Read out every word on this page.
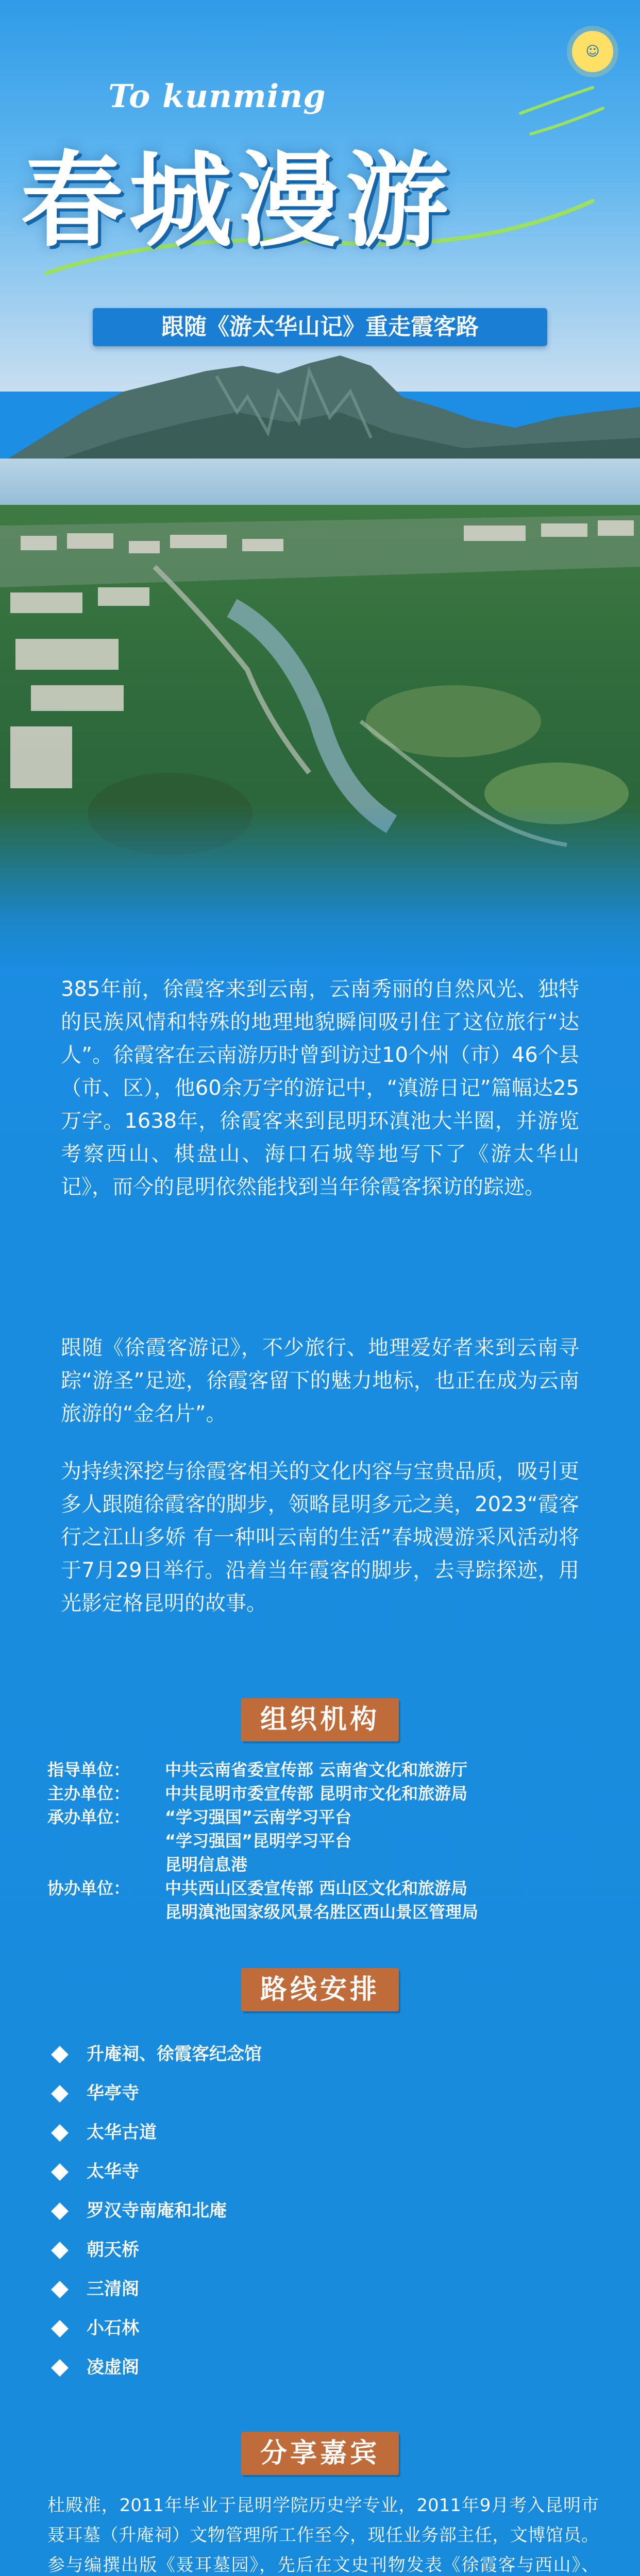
☺
To kunming
春城漫游
跟随《游太华山记》重走霞客路
385年前，徐霞客来到云南，云南秀丽的自然风光、独特的民族风情和特殊的地理地貌瞬间吸引住了这位旅行“达人”。徐霞客在云南游历时曾到访过10个州（市）46个县（市、区），他60余万字的游记中，“滇游日记”篇幅达25万字。1638年，徐霞客来到昆明环滇池大半圈，并游览考察西山、棋盘山、海口石城等地写下了《游太华山记》，而今的昆明依然能找到当年徐霞客探访的踪迹。
跟随《徐霞客游记》，不少旅行、地理爱好者来到云南寻踪“游圣”足迹，徐霞客留下的魅力地标，也正在成为云南旅游的“金名片”。
为持续深挖与徐霞客相关的文化内容与宝贵品质，吸引更多人跟随徐霞客的脚步，领略昆明多元之美，2023“霞客行之江山多娇 有一种叫云南的生活”春城漫游采风活动将于7月29日举行。沿着当年霞客的脚步，去寻踪探迹，用光影定格昆明的故事。
组织机构
指导单位： 中共云南省委宣传部 云南省文化和旅游厅
主办单位： 中共昆明市委宣传部 昆明市文化和旅游局
承办单位： “学习强国”云南学习平台
“学习强国”昆明学习平台
昆明信息港
协办单位： 中共西山区委宣传部 西山区文化和旅游局
昆明滇池国家级风景名胜区西山景区管理局
路线安排
升庵祠、徐霞客纪念馆
华亭寺
太华古道
太华寺
罗汉寺南庵和北庵
朝天桥
三清阁
小石林
凌虚阁
分享嘉宾
杜殿准，2011年毕业于昆明学院历史学专业，2011年9月考入昆明市聂耳墓（升庵祠）文物管理所工作至今，现任业务部主任，文博馆员。参与编撰出版《聂耳墓园》，先后在文史刊物发表《徐霞客与西山》、
